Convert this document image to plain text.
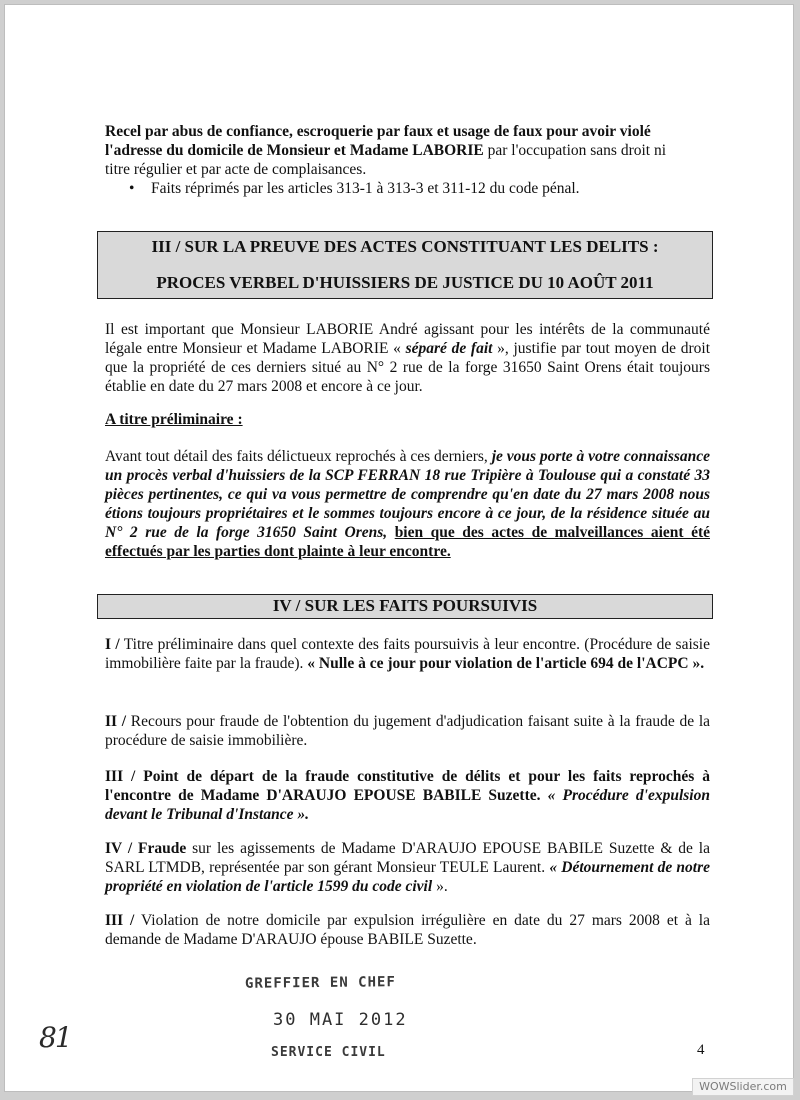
Recel par abus de confiance, escroquerie par faux et usage de faux pour avoir violé

l'adresse du domicile de Monsieur et Madame LABORIE par l'occupation sans droit ni

titre régulier et par acte de complaisances.

• Faits réprimés par les articles 313-1 à 313-3 et 311-12 du code pénal.
III / SUR LA PREUVE DES ACTES CONSTITUANT LES DELITS :
PROCES VERBEL D'HUISSIERS DE JUSTICE DU 10 AOÛT 2011

Il est important que Monsieur LABORIE André agissant pour les intérêts de la communauté légale entre Monsieur et Madame LABORIE « séparé de fait », justifie par tout moyen de droit que la propriété de ces derniers situé au N° 2 rue de la forge 31650 Saint Orens était toujours établie en date du 27 mars 2008 et encore à ce jour.

A titre préliminaire :

Avant tout détail des faits délictueux reprochés à ces derniers, je vous porte à votre connaissance un procès verbal d'huissiers de la SCP FERRAN 18 rue Tripière à Toulouse qui a constaté 33 pièces pertinentes, ce qui va vous permettre de comprendre qu'en date du 27 mars 2008 nous étions toujours propriétaires et le sommes toujours encore à ce jour, de la résidence située au N° 2 rue de la forge 31650 Saint Orens, bien que des actes de malveillances aient été effectués par les parties dont plainte à leur encontre.

IV / SUR LES FAITS POURSUIVIS

I / Titre préliminaire dans quel contexte des faits poursuivis à leur encontre. (Procédure de saisie immobilière faite par la fraude). « Nulle à ce jour pour violation de l'article 694 de l'ACPC ».

II / Recours pour fraude de l'obtention du jugement d'adjudication faisant suite à la fraude de la procédure de saisie immobilière.

III / Point de départ de la fraude constitutive de délits et pour les faits reprochés à l'encontre de Madame D'ARAUJO EPOUSE BABILE Suzette. « Procédure d'expulsion devant le Tribunal d'Instance ».

IV / Fraude sur les agissements de Madame D'ARAUJO EPOUSE BABILE Suzette & de la SARL LTMDB, représentée par son gérant Monsieur TEULE Laurent. « Détournement de notre propriété en violation de l'article 1599 du code civil ».

III / Violation de notre domicile par expulsion irrégulière en date du 27 mars 2008 et à la demande de Madame D'ARAUJO épouse BABILE Suzette.

GREFFIER EN CHEF
30 MAI 2012
SERVICE CIVIL
81	4
WOWSlider.com
